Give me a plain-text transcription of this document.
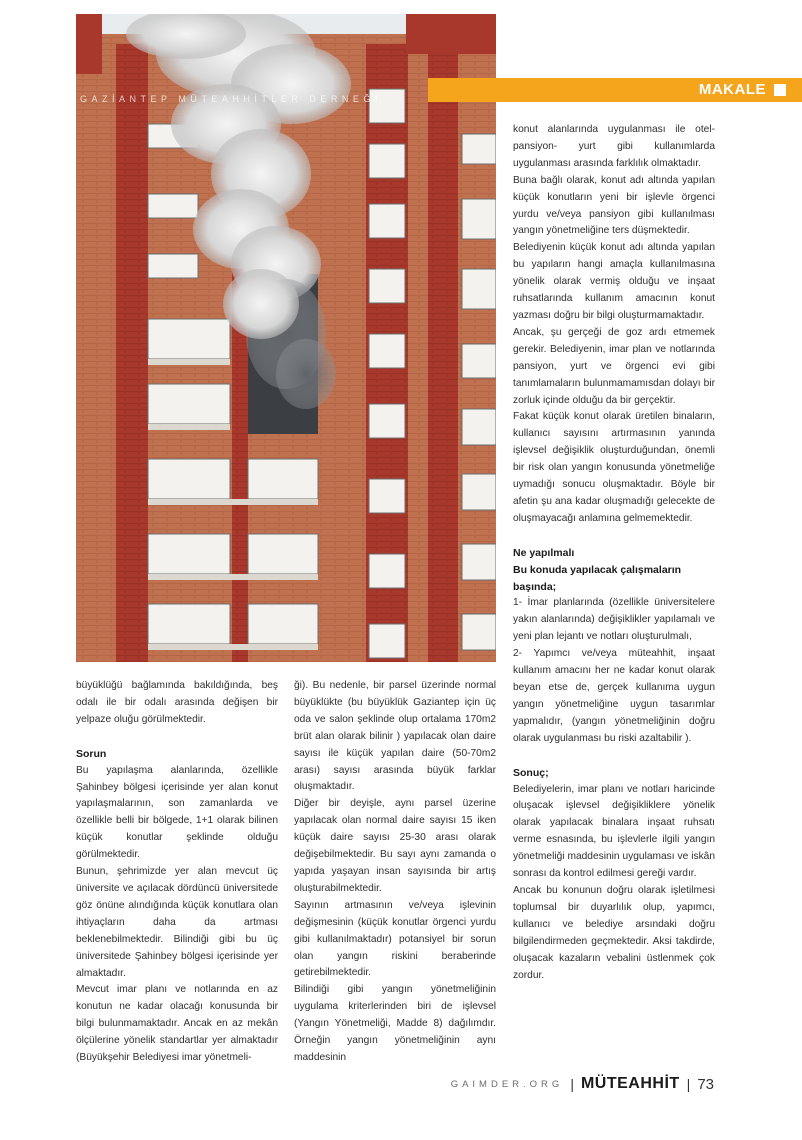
GAZİANTEP MÜTEAHHİTLER DERNEĞİ
MAKALE

konut alanlarında uygulanması ile otel-pansiyon- yurt gibi kullanımlarda uygulanması arasında farklılık olmaktadır.

Buna bağlı olarak, konut adı altında yapılan küçük konutların yeni bir işlevle örgenci yurdu ve/veya pansiyon gibi kullanılması yangın yönetmeliğine ters düşmektedir.

Belediyenin küçük konut adı altında yapılan bu yapıların hangi amaçla kullanılmasına yönelik olarak vermiş olduğu ve inşaat ruhsatlarında kullanım amacının konut yazması doğru bir bilgi oluşturmamaktadır.

Ancak, şu gerçeği de goz ardı etmemek gerekir. Belediyenin, imar plan ve notlarında pansiyon, yurt ve örgenci evi gibi tanımlamaların bulunmamamısdan dolayı bir zorluk içinde olduğu da bir gerçektir.

Fakat küçük konut olarak üretilen binaların, kullanıcı sayısını artırmasının yanında işlevsel değişiklik oluşturduğundan, önemli bir risk olan yangın konusunda yönetmeliğe uymadığı sonucu oluşmaktadır. Böyle bir afetin şu ana kadar oluşmadığı gelecekte de oluşmayacağı anlamına gelmemektedir.

Ne yapılmalı
Bu konuda yapılacak çalışmaların başında;

1- İmar planlarında (özellikle üniversitelere yakın alanlarında) değişiklikler yapılamalı ve yeni plan lejantı ve notları oluşturulmalı,

2- Yapımcı ve/veya müteahhit, inşaat kullanım amacını her ne kadar konut olarak beyan etse de, gerçek kullanıma uygun yangın yönetmeliğine uygun tasarımlar yapmalıdır, (yangın yönetmeliğinin doğru olarak uygulanması bu riski azaltabilir ).

Sonuç;

Belediyelerin, imar planı ve notları haricinde oluşacak işlevsel değişikliklere yönelik olarak yapılacak binalara inşaat ruhsatı verme esnasında, bu işlevlerle ilgili yangın yönetmeliği maddesinin uygulaması ve iskân sonrası da kontrol edilmesi gereği vardır.

Ancak bu konunun doğru olarak işletilmesi toplumsal bir duyarlılık olup, yapımcı, kullanıcı ve belediye arsındaki doğru bilgilendirmeden geçmektedir. Aksi takdirde, oluşacak kazaların vebalini üstlenmek çok zordur.

büyüklüğü bağlamında bakıldığında, beş odalı ile bir odalı arasında değişen bir yelpaze oluğu görülmektedir.

Sorun

Bu yapılaşma alanlarında, özellikle Şahinbey bölgesi içerisinde yer alan konut yapılaşmalarının, son zamanlarda ve özellikle belli bir bölgede, 1+1 olarak bilinen küçük konutlar şeklinde olduğu görülmektedir.

Bunun, şehrimizde yer alan mevcut üç üniversite ve açılacak dördüncü üniversitede göz önüne alındığında küçük konutlara olan ihtiyaçların daha da artması beklenebilmektedir. Bilindiği gibi bu üç üniversitede Şahinbey bölgesi içerisinde yer almaktadır.

Mevcut imar planı ve notlarında en az konutun ne kadar olacağı konusunda bir bilgi bulunmamaktadır. Ancak en az mekân ölçülerine yönelik standartlar yer almaktadır (Büyükşehir Belediyesi imar yönetmeli-

ği). Bu nedenle, bir parsel üzerinde normal büyüklükte (bu büyüklük Gaziantep için üç oda ve salon şeklinde olup ortalama 170m2 brüt alan olarak bilinir ) yapılacak olan daire sayısı ile küçük yapılan daire (50-70m2 arası) sayısı arasında büyük farklar oluşmaktadır.

Diğer bir deyişle, aynı parsel üzerine yapılacak olan normal daire sayısı 15 iken küçük daire sayısı 25-30 arası olarak değişebilmektedir. Bu sayı aynı zamanda o yapıda yaşayan insan sayısında bir artış oluşturabilmektedir.

Sayının artmasının ve/veya işlevinin değişmesinin (küçük konutlar örgenci yurdu gibi kullanılmaktadır) potansiyel bir sorun olan yangın riskini beraberinde getirebilmektedir.

Bilindiği gibi yangın yönetmeliğinin uygulama kriterlerinden biri de işlevsel (Yangın Yönetmeliği, Madde 8) dağılımdır. Örneğin yangın yönetmeliğinin aynı maddesinin

GAIMDER.ORG | MÜTEAHHİT | 73
